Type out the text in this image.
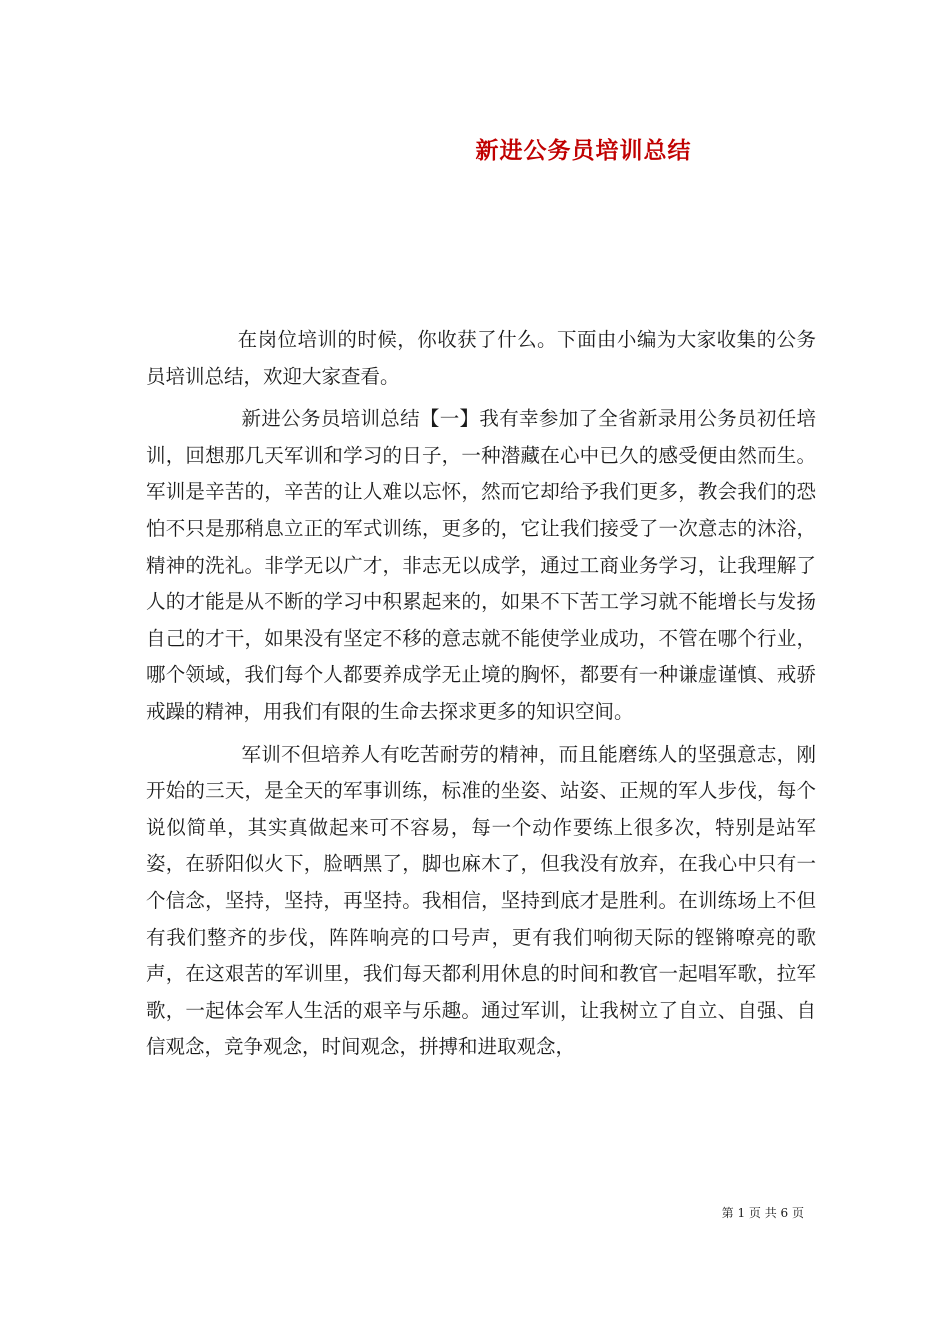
新进公务员培训总结

在岗位培训的时候，你收获了什么。下面由小编为大家收集的公务员培训总结，欢迎大家查看。

新进公务员培训总结【一】我有幸参加了全省新录用公务员初任培训，回想那几天军训和学习的日子，一种潜藏在心中已久的感受便由然而生。军训是辛苦的，辛苦的让人难以忘怀，然而它却给予我们更多，教会我们的恐怕不只是那稍息立正的军式训练，更多的，它让我们接受了一次意志的沐浴，精神的洗礼。非学无以广才，非志无以成学，通过工商业务学习，让我理解了人的才能是从不断的学习中积累起来的，如果不下苦工学习就不能增长与发扬自己的才干，如果没有坚定不移的意志就不能使学业成功，不管在哪个行业，哪个领域，我们每个人都要养成学无止境的胸怀，都要有一种谦虚谨慎、戒骄戒躁的精神，用我们有限的生命去探求更多的知识空间。

军训不但培养人有吃苦耐劳的精神，而且能磨练人的坚强意志，刚开始的三天，是全天的军事训练，标准的坐姿、站姿、正规的军人步伐，每个说似简单，其实真做起来可不容易，每一个动作要练上很多次，特别是站军姿，在骄阳似火下，脸晒黑了，脚也麻木了，但我没有放弃，在我心中只有一个信念，坚持，坚持，再坚持。我相信，坚持到底才是胜利。在训练场上不但有我们整齐的步伐，阵阵响亮的口号声，更有我们响彻天际的铿锵嘹亮的歌声，在这艰苦的军训里，我们每天都利用休息的时间和教官一起唱军歌，拉军歌，一起体会军人生活的艰辛与乐趣。通过军训，让我树立了自立、自强、自信观念，竞争观念，时间观念，拼搏和进取观念，

第 1 页 共 6 页
